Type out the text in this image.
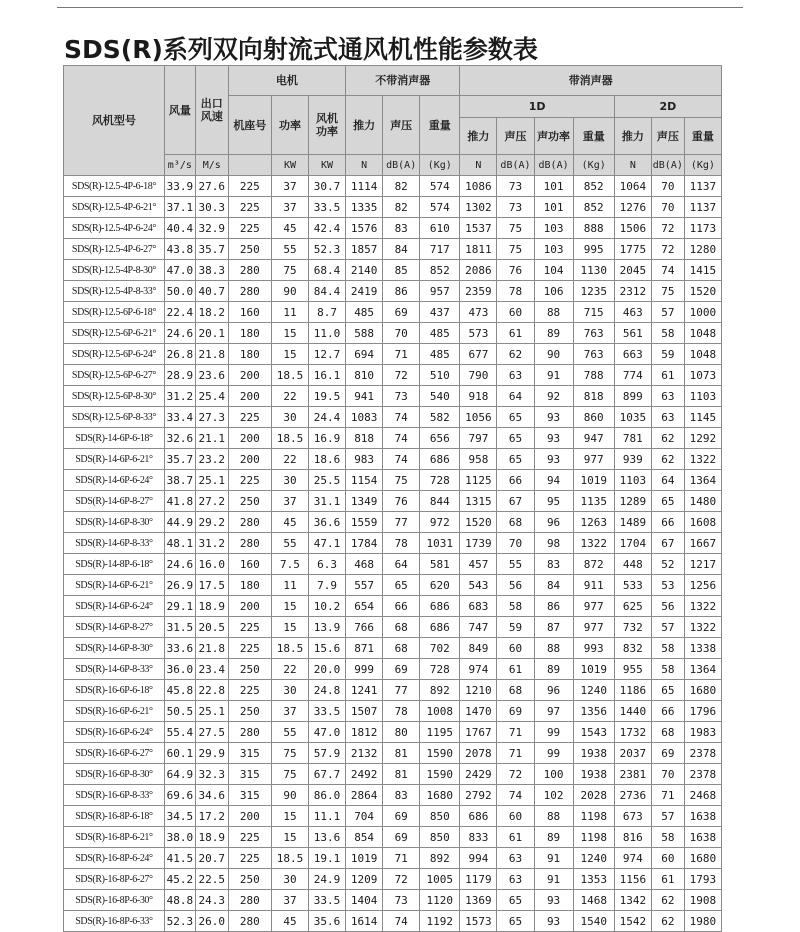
SDS(R)系列双向射流式通风机性能参数表
风机型号	风量	出口风速	电机			不带消声器			带消声器						
			机座号	功率	风机功率	推力	声压	重量	1D				2D		
									推力	声压	声功率	重量	推力	声压	重量
	m³/s	M/s		KW	KW	N	dB(A)	(Kg)	N	dB(A)	dB(A)	(Kg)	N	dB(A)	(Kg)
SDS(R)-12.5-4P-6-18°	33.9	27.6	225	37	30.7	1114	82	574	1086	73	101	852	1064	70	1137
SDS(R)-12.5-4P-6-21°	37.1	30.3	225	37	33.5	1335	82	574	1302	73	101	852	1276	70	1137
SDS(R)-12.5-4P-6-24°	40.4	32.9	225	45	42.4	1576	83	610	1537	75	103	888	1506	72	1173
SDS(R)-12.5-4P-6-27°	43.8	35.7	250	55	52.3	1857	84	717	1811	75	103	995	1775	72	1280
SDS(R)-12.5-4P-8-30°	47.0	38.3	280	75	68.4	2140	85	852	2086	76	104	1130	2045	74	1415
SDS(R)-12.5-4P-8-33°	50.0	40.7	280	90	84.4	2419	86	957	2359	78	106	1235	2312	75	1520
SDS(R)-12.5-6P-6-18°	22.4	18.2	160	11	8.7	485	69	437	473	60	88	715	463	57	1000
SDS(R)-12.5-6P-6-21°	24.6	20.1	180	15	11.0	588	70	485	573	61	89	763	561	58	1048
SDS(R)-12.5-6P-6-24°	26.8	21.8	180	15	12.7	694	71	485	677	62	90	763	663	59	1048
SDS(R)-12.5-6P-6-27°	28.9	23.6	200	18.5	16.1	810	72	510	790	63	91	788	774	61	1073
SDS(R)-12.5-6P-8-30°	31.2	25.4	200	22	19.5	941	73	540	918	64	92	818	899	63	1103
SDS(R)-12.5-6P-8-33°	33.4	27.3	225	30	24.4	1083	74	582	1056	65	93	860	1035	63	1145
SDS(R)-14-6P-6-18°	32.6	21.1	200	18.5	16.9	818	74	656	797	65	93	947	781	62	1292
SDS(R)-14-6P-6-21°	35.7	23.2	200	22	18.6	983	74	686	958	65	93	977	939	62	1322
SDS(R)-14-6P-6-24°	38.7	25.1	225	30	25.5	1154	75	728	1125	66	94	1019	1103	64	1364
SDS(R)-14-6P-8-27°	41.8	27.2	250	37	31.1	1349	76	844	1315	67	95	1135	1289	65	1480
SDS(R)-14-6P-8-30°	44.9	29.2	280	45	36.6	1559	77	972	1520	68	96	1263	1489	66	1608
SDS(R)-14-6P-8-33°	48.1	31.2	280	55	47.1	1784	78	1031	1739	70	98	1322	1704	67	1667
SDS(R)-14-8P-6-18°	24.6	16.0	160	7.5	6.3	468	64	581	457	55	83	872	448	52	1217
SDS(R)-14-6P-6-21°	26.9	17.5	180	11	7.9	557	65	620	543	56	84	911	533	53	1256
SDS(R)-14-6P-6-24°	29.1	18.9	200	15	10.2	654	66	686	683	58	86	977	625	56	1322
SDS(R)-14-6P-8-27°	31.5	20.5	225	15	13.9	766	68	686	747	59	87	977	732	57	1322
SDS(R)-14-6P-8-30°	33.6	21.8	225	18.5	15.6	871	68	702	849	60	88	993	832	58	1338
SDS(R)-14-6P-8-33°	36.0	23.4	250	22	20.0	999	69	728	974	61	89	1019	955	58	1364
SDS(R)-16-6P-6-18°	45.8	22.8	225	30	24.8	1241	77	892	1210	68	96	1240	1186	65	1680
SDS(R)-16-6P-6-21°	50.5	25.1	250	37	33.5	1507	78	1008	1470	69	97	1356	1440	66	1796
SDS(R)-16-6P-6-24°	55.4	27.5	280	55	47.0	1812	80	1195	1767	71	99	1543	1732	68	1983
SDS(R)-16-6P-6-27°	60.1	29.9	315	75	57.9	2132	81	1590	2078	71	99	1938	2037	69	2378
SDS(R)-16-6P-8-30°	64.9	32.3	315	75	67.7	2492	81	1590	2429	72	100	1938	2381	70	2378
SDS(R)-16-6P-8-33°	69.6	34.6	315	90	86.0	2864	83	1680	2792	74	102	2028	2736	71	2468
SDS(R)-16-8P-6-18°	34.5	17.2	200	15	11.1	704	69	850	686	60	88	1198	673	57	1638
SDS(R)-16-8P-6-21°	38.0	18.9	225	15	13.6	854	69	850	833	61	89	1198	816	58	1638
SDS(R)-16-8P-6-24°	41.5	20.7	225	18.5	19.1	1019	71	892	994	63	91	1240	974	60	1680
SDS(R)-16-8P-6-27°	45.2	22.5	250	30	24.9	1209	72	1005	1179	63	91	1353	1156	61	1793
SDS(R)-16-8P-6-30°	48.8	24.3	280	37	33.5	1404	73	1120	1369	65	93	1468	1342	62	1908
SDS(R)-16-8P-6-33°	52.3	26.0	280	45	35.6	1614	74	1192	1573	65	93	1540	1542	62	1980
